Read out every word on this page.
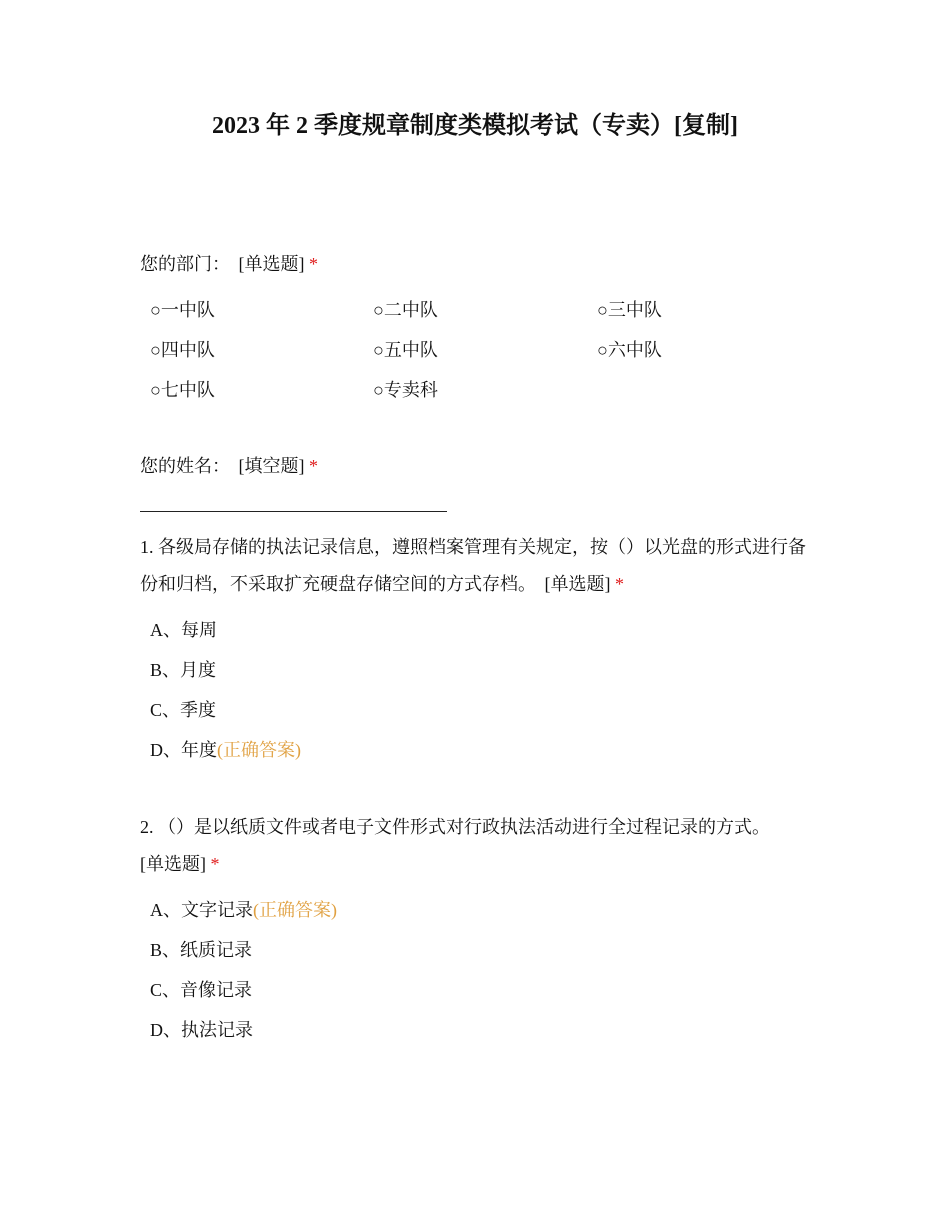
2023 年 2 季度规章制度类模拟考试（专卖）[复制]
您的部门： [单选题] *
○一中队	○二中队	○三中队
○四中队	○五中队	○六中队
○七中队	○专卖科
您的姓名： [填空题] *
1. 各级局存储的执法记录信息，遵照档案管理有关规定，按（）以光盘的形式进行备份和归档，不采取扩充硬盘存储空间的方式存档。 [单选题] *
A、每周
B、月度
C、季度
D、年度(正确答案)
2. （）是以纸质文件或者电子文件形式对行政执法活动进行全过程记录的方式。
[单选题] *
A、文字记录(正确答案)
B、纸质记录
C、音像记录
D、执法记录
